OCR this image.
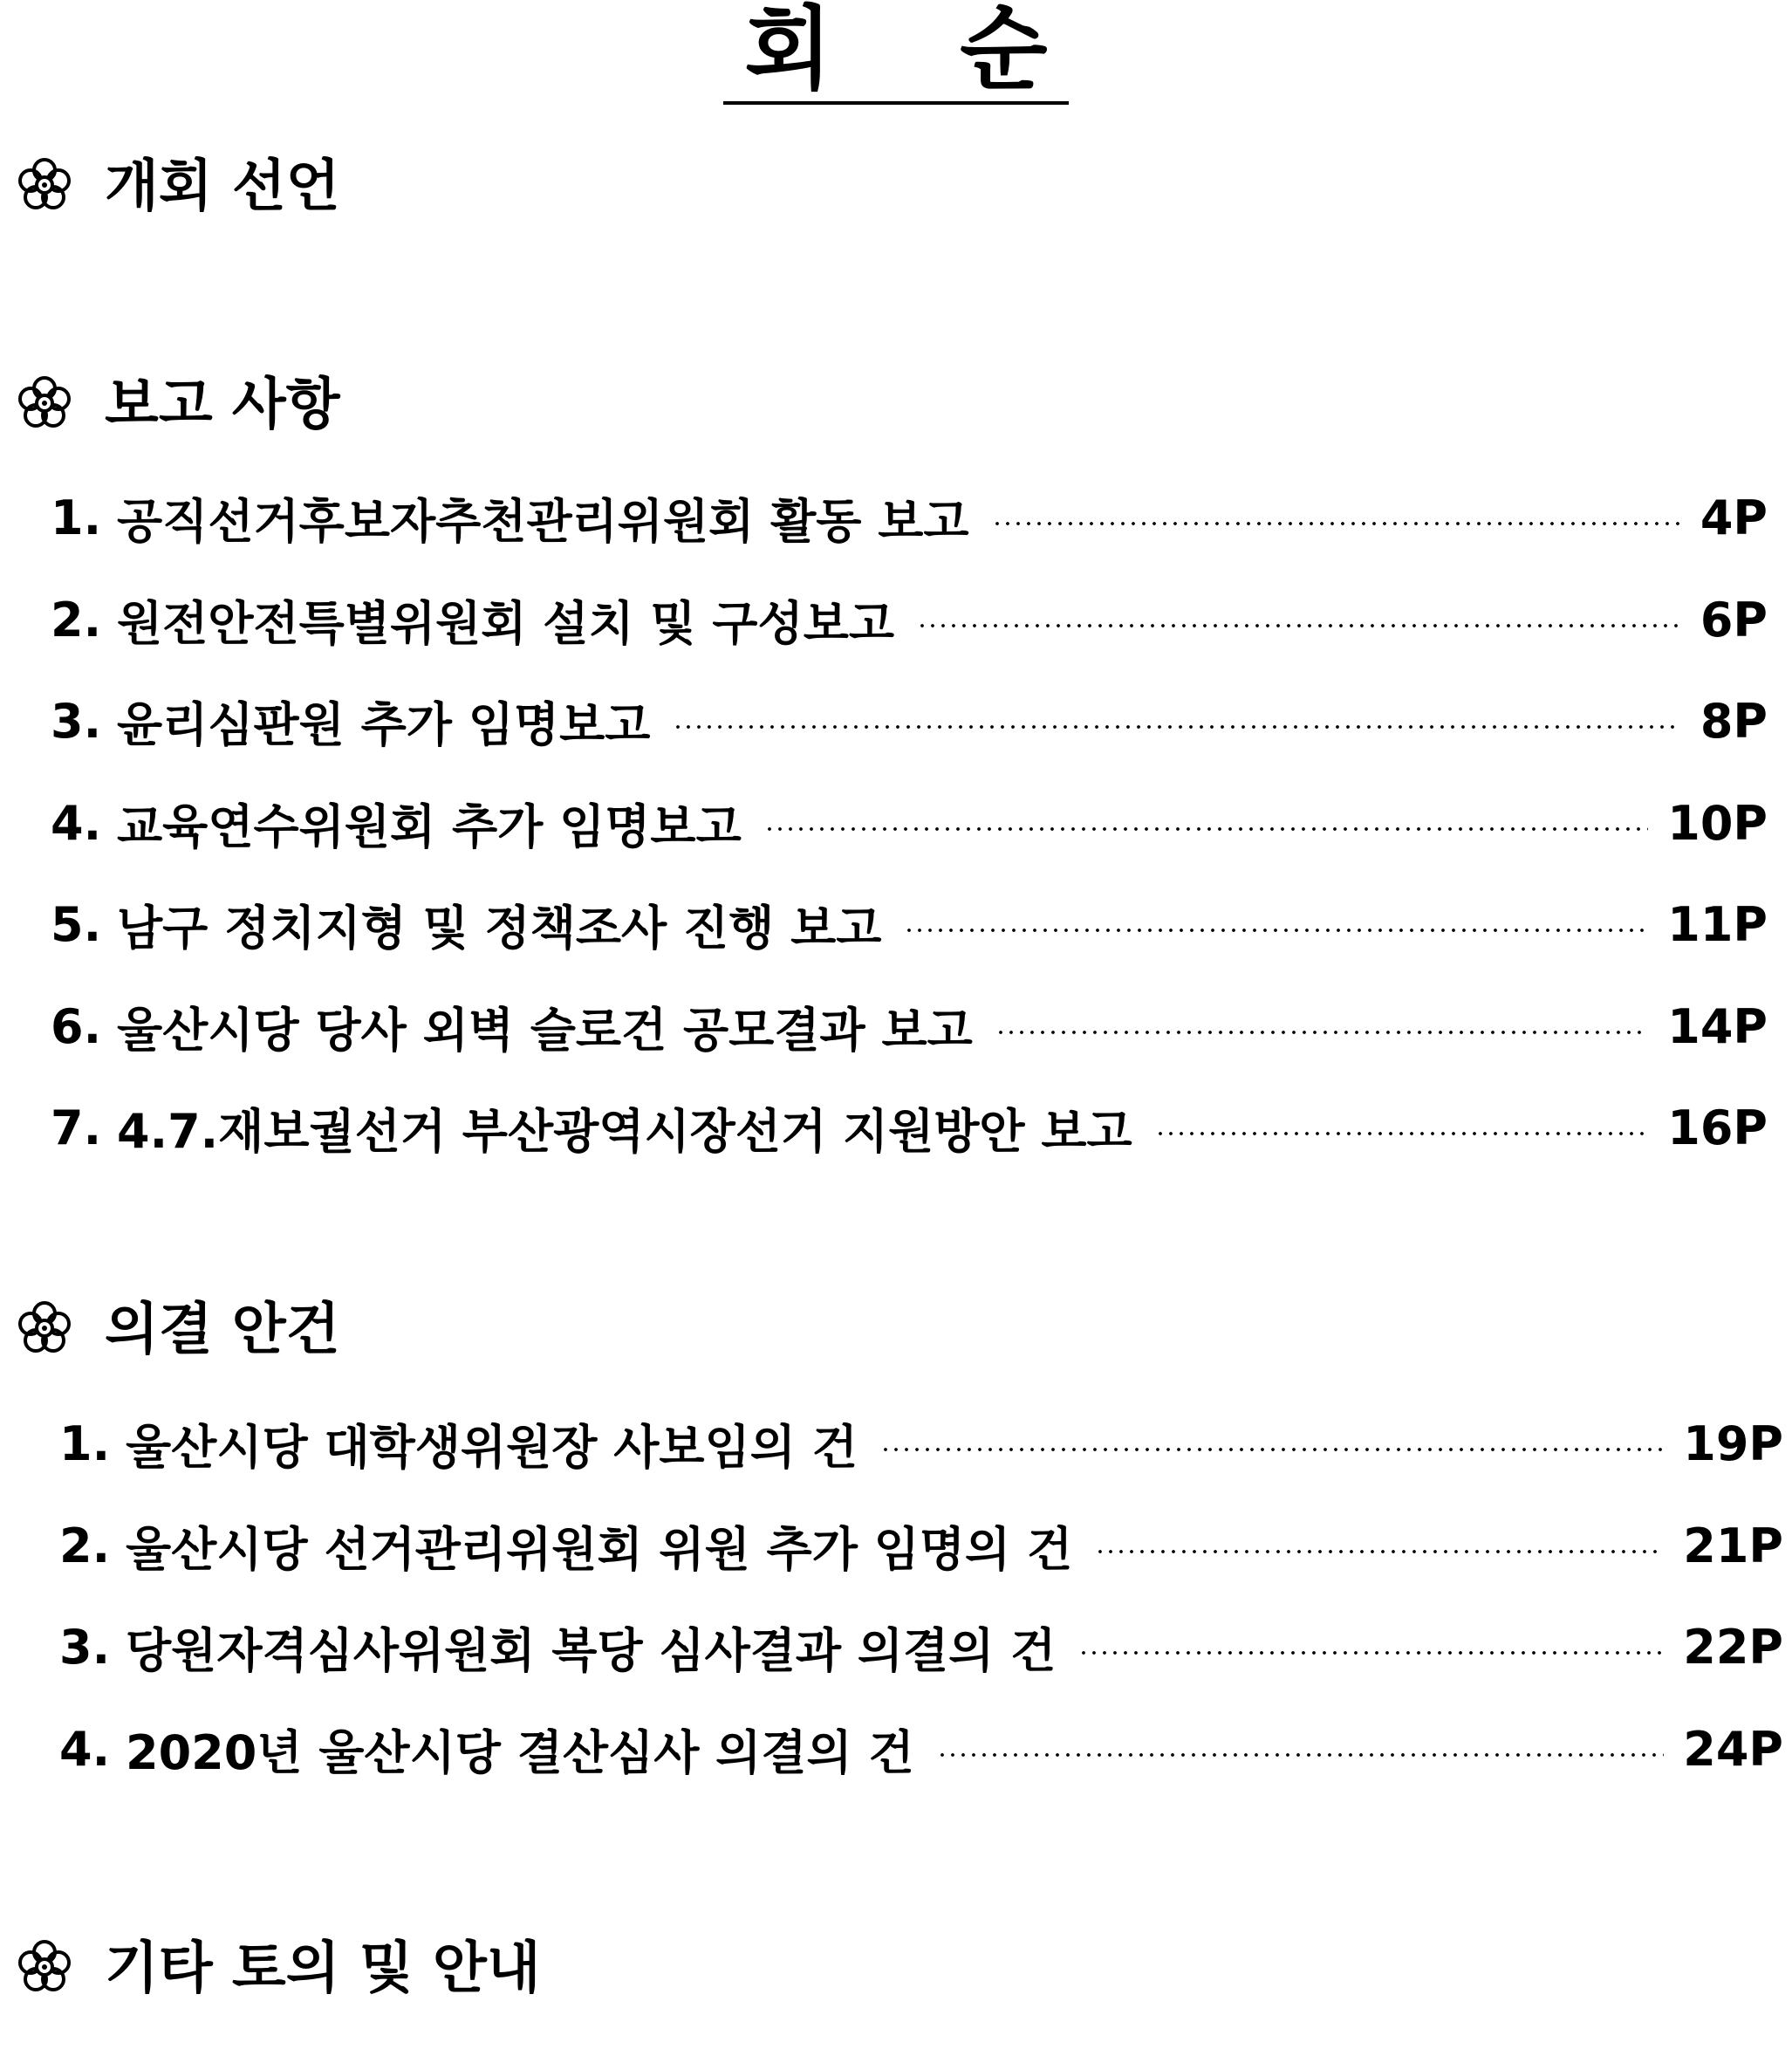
회 순
개회 선언
보고 사항
1. 공직선거후보자추천관리위원회 활동 보고	4P
2. 원전안전특별위원회 설치 및 구성보고	6P
3. 윤리심판원 추가 임명보고	8P
4. 교육연수위원회 추가 임명보고	10P
5. 남구 정치지형 및 정책조사 진행 보고	11P
6. 울산시당 당사 외벽 슬로건 공모결과 보고	14P
7. 4.7.재보궐선거 부산광역시장선거 지원방안 보고	16P
의결 안건
1. 울산시당 대학생위원장 사보임의 건	19P
2. 울산시당 선거관리위원회 위원 추가 임명의 건	21P
3. 당원자격심사위원회 복당 심사결과 의결의 건	22P
4. 2020년 울산시당 결산심사 의결의 건	24P
기타 토의 및 안내
